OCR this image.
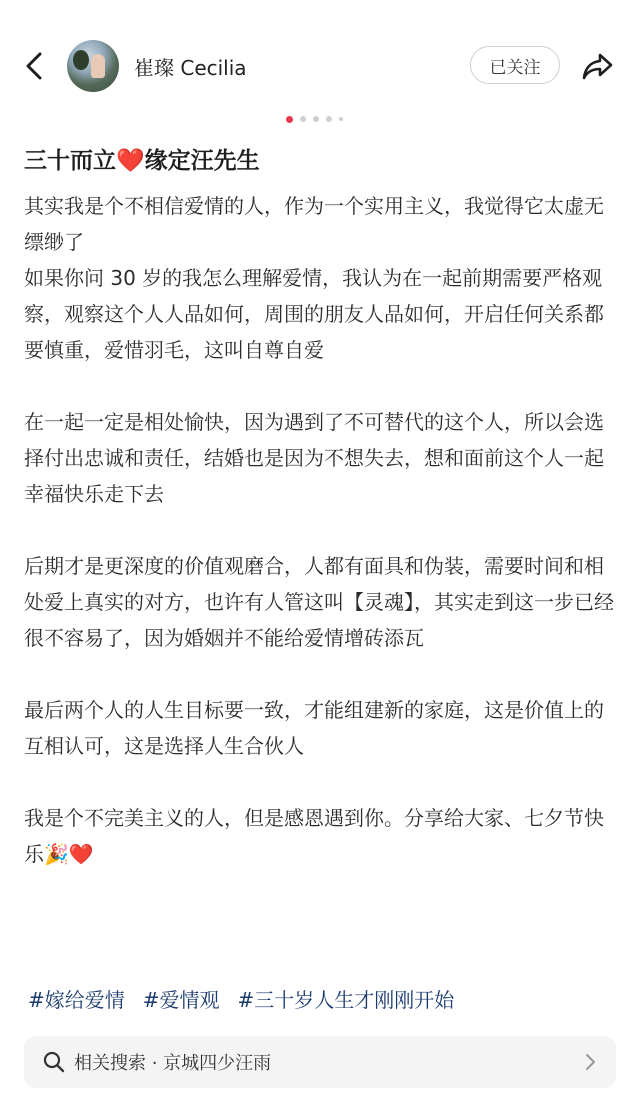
崔璨 Cecilia	已关注
三十而立❤️缘定汪先生

其实我是个不相信爱情的人，作为一个实用主义，我觉得它太虚无缥缈了

如果你问 30 岁的我怎么理解爱情，我认为在一起前期需要严格观察，观察这个人人品如何，周围的朋友人品如何，开启任何关系都要慎重，爱惜羽毛，这叫自尊自爱

在一起一定是相处愉快，因为遇到了不可替代的这个人，所以会选择付出忠诚和责任，结婚也是因为不想失去，想和面前这个人一起幸福快乐走下去

后期才是更深度的价值观磨合，人都有面具和伪装，需要时间和相处爱上真实的对方，也许有人管这叫【灵魂】，其实走到这一步已经很不容易了，因为婚姻并不能给爱情增砖添瓦

最后两个人的人生目标要一致，才能组建新的家庭，这是价值上的互相认可，这是选择人生合伙人

我是个不完美主义的人，但是感恩遇到你。分享给大家、七夕节快乐🎉❤️

#嫁给爱情 #爱情观 #三十岁人生才刚刚开始
相关搜索 · 京城四少汪雨
